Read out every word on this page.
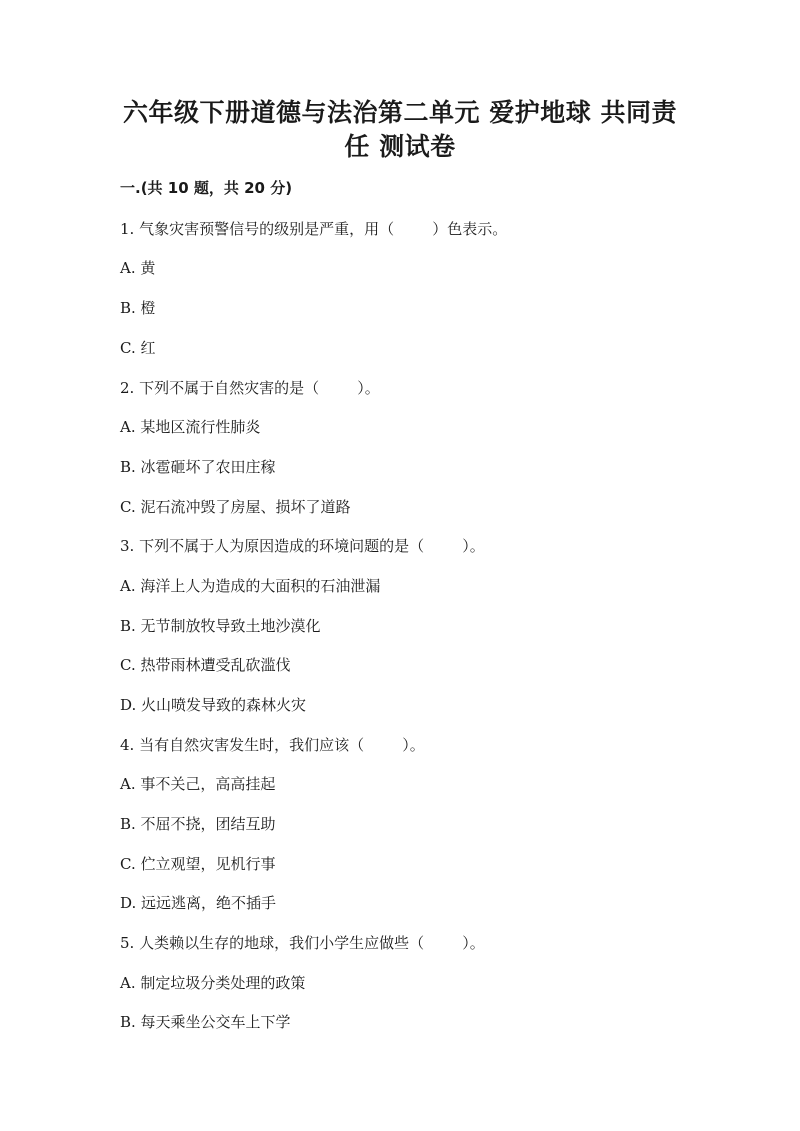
六年级下册道德与法治第二单元 爱护地球 共同责
任 测试卷
一.(共 10 题，共 20 分)
1. 气象灾害预警信号的级别是严重，用（        ）色表示。
A. 黄
B. 橙
C. 红
2. 下列不属于自然灾害的是（        ）。
A. 某地区流行性肺炎
B. 冰雹砸坏了农田庄稼
C. 泥石流冲毁了房屋、损坏了道路
3. 下列不属于人为原因造成的环境问题的是（        ）。
A. 海洋上人为造成的大面积的石油泄漏
B. 无节制放牧导致土地沙漠化
C. 热带雨林遭受乱砍滥伐
D. 火山喷发导致的森林火灾
4. 当有自然灾害发生时，我们应该（        ）。
A. 事不关己，高高挂起
B. 不屈不挠，团结互助
C. 伫立观望，见机行事
D. 远远逃离，绝不插手
5. 人类赖以生存的地球，我们小学生应做些（        ）。
A. 制定垃圾分类处理的政策
B. 每天乘坐公交车上下学
